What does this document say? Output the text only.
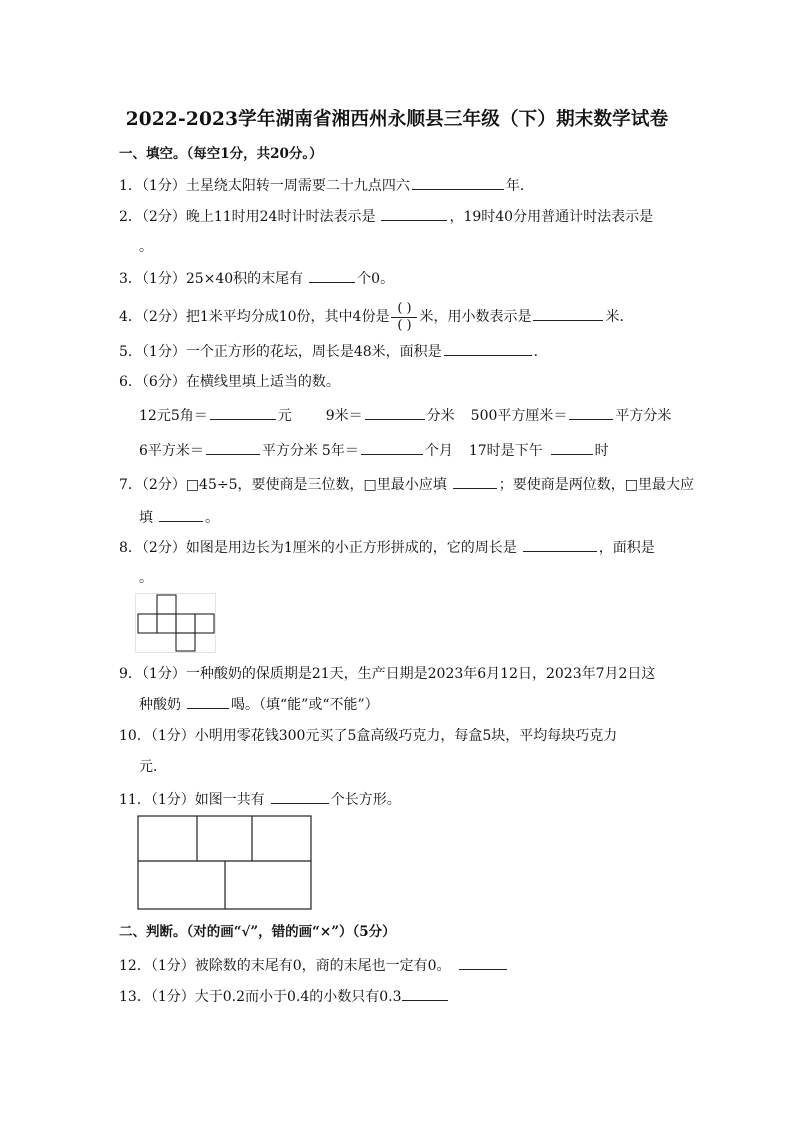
2022-2023学年湖南省湘西州永顺县三年级（下）期末数学试卷
一、填空。（每空1分，共20分。）
1．（1分）土星绕太阳转一周需要二十九点四六	年．
2．（2分）晚上11时用24时计时法表示是	，19时40分用普通计时法表示是
。
3．（1分）25×40积的末尾有	个0。
4．（2分）把1米平均分成10份，其中4份是 $\frac{( )}{( )}$ 米，用小数表示是	米．
5．（1分）一个正方形的花坛，周长是48米，面积是	．
6．（6分）在横线里填上适当的数。
12元5角＝	元 9米＝	分米 500平方厘米＝	平方分米
6平方米＝	平方分米 5年＝	个月 17时是下午	时
7．（2分）□45÷5，要使商是三位数，□里最小应填	；要使商是两位数，□里最大应
填	。
8．（2分）如图是用边长为1厘米的小正方形拼成的，它的周长是	，面积是
。
9．（1分）一种酸奶的保质期是21天，生产日期是2023年6月12日，2023年7月2日这
种酸奶	喝。（填“能”或“不能”）
10．（1分）小明用零花钱300元买了5盒高级巧克力，每盒5块，平均每块巧克力
元．
11．（1分）如图一共有	个长方形。
二、判断。（对的画“√”，错的画“×”）（5分）
12．（1分）被除数的末尾有0，商的末尾也一定有0。
13．（1分）大于0.2而小于0.4的小数只有0.3
